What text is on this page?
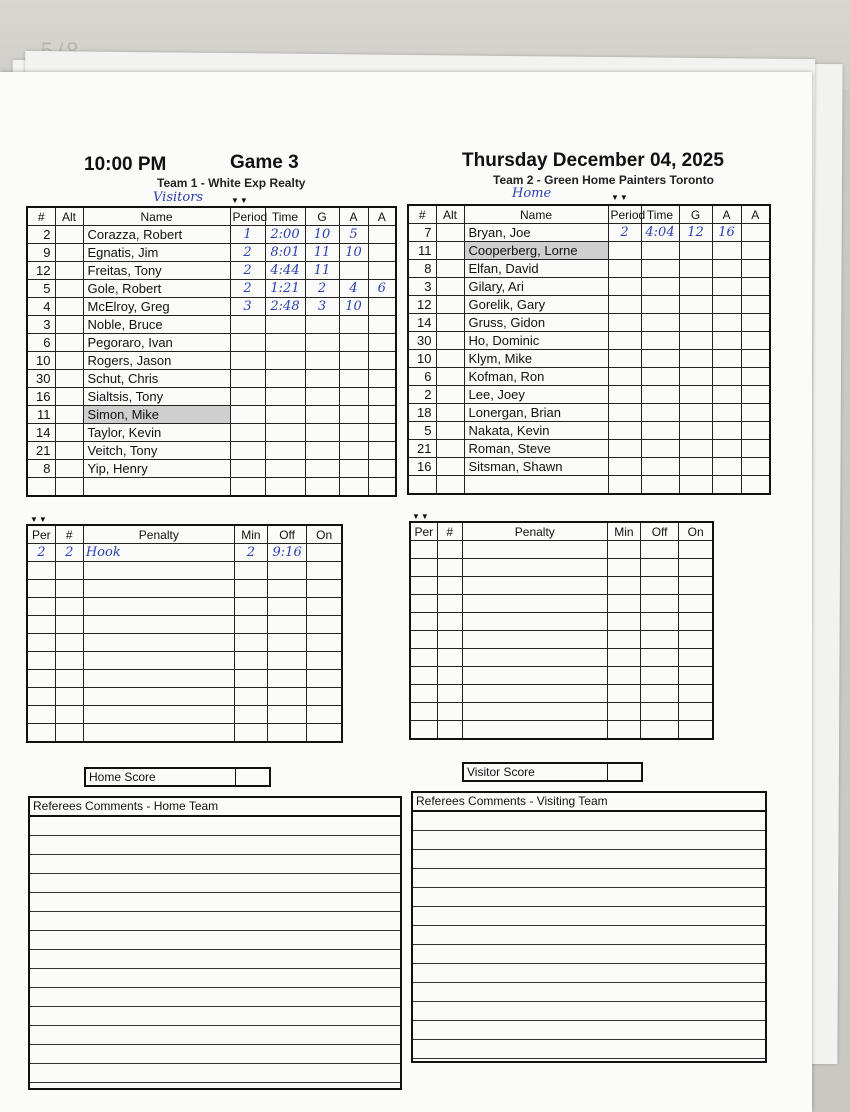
10:00 PM	Game 3	Thursday December 04, 2025
Team 1 - White Exp Realty	Team 2 - Green Home Painters Toronto
Visitors	Home
▼▼	▼▼
#	Alt	Name	Period	Time	G	A	A
2		Corazza, Robert	1	2:00	10	5	
9		Egnatis, Jim	2	8:01	11	10	
12		Freitas, Tony	2	4:44	11		
5		Gole, Robert	2	1:21	2	4	6
4		McElroy, Greg	3	2:48	3	10	
3		Noble, Bruce					
6		Pegoraro, Ivan					
10		Rogers, Jason					
30		Schut, Chris					
16		Sialtsis, Tony					
11		Simon, Mike					
14		Taylor, Kevin					
21		Veitch, Tony					
8		Yip, Henry					

#	Alt	Name	Period	Time	G	A	A
7		Bryan, Joe	2	4:04	12	16	
11		Cooperberg, Lorne					
8		Elfan, David					
3		Gilary, Ari					
12		Gorelik, Gary					
14		Gruss, Gidon					
30		Ho, Dominic					
10		Klym, Mike					
6		Kofman, Ron					
2		Lee, Joey					
18		Lonergan, Brian					
5		Nakata, Kevin					
21		Roman, Steve					
16		Sitsman, Shawn					

▼▼	▼▼
Per	#	Penalty	Min	Off	On
2	2	Hook	2	9:16	

Per	#	Penalty	Min	Off	On

Home Score	Visitor Score
Referees Comments - Home Team	Referees Comments - Visiting Team
